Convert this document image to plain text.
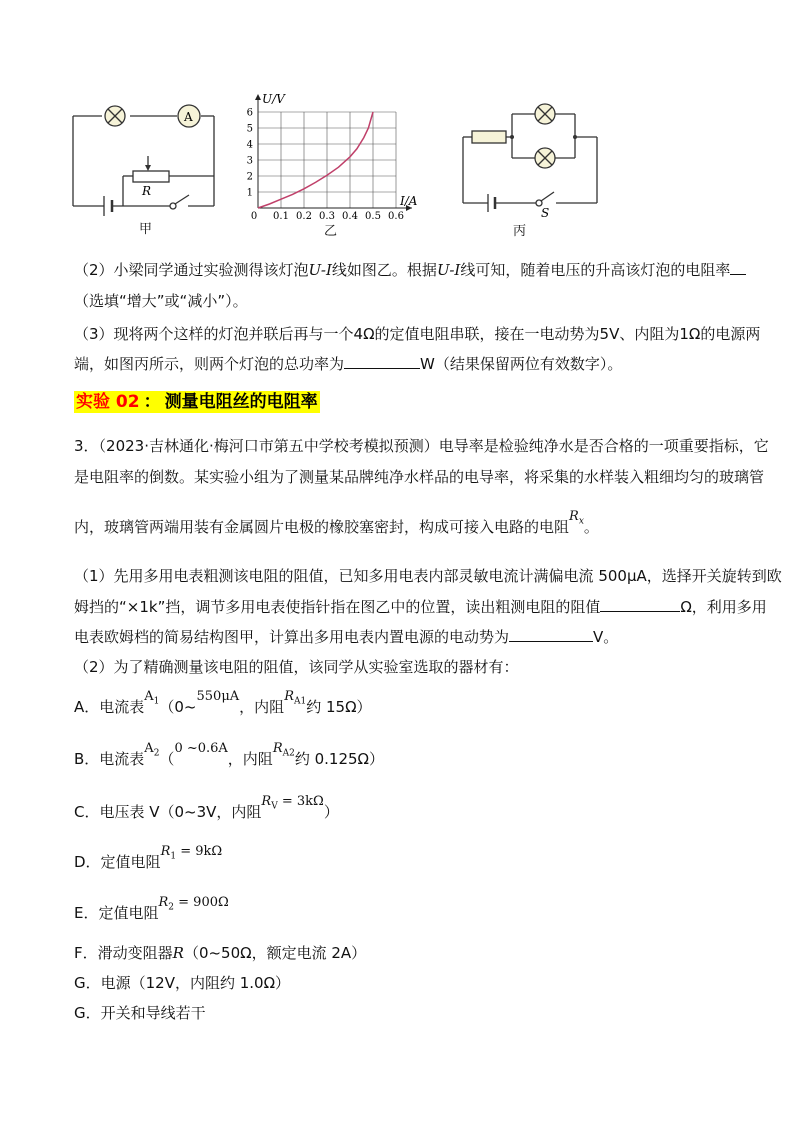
A
R
甲
0 0.1 0.2 0.3 0.4 0.5 0.6
1
2
3
4
5
6
U/V
I/A
乙
S
丙
（2）小梁同学通过实验测得该灯泡U-I线如图乙。根据U-I线可知，随着电压的升高该灯泡的电阻率
（选填“增大”或“减小”）。
（3）现将两个这样的灯泡并联后再与一个4Ω的定值电阻串联，接在一电动势为5V、内阻为1Ω的电源两
端，如图丙所示，则两个灯泡的总功率为	W（结果保留两位有效数字）。
实验 02 ： 测量电阻丝的电阻率
3．（2023·吉林通化·梅河口市第五中学校考模拟预测）电导率是检验纯净水是否合格的一项重要指标，它
是电阻率的倒数。某实验小组为了测量某品牌纯净水样品的电导率，将采集的水样装入粗细均匀的玻璃管
内，玻璃管两端用装有金属圆片电极的橡胶塞密封，构成可接入电路的电阻$R_x$。
（1）先用多用电表粗测该电阻的阻值，已知多用电表内部灵敏电流计满偏电流 500μA，选择开关旋转到欧
姆挡的“×1k”挡，调节多用电表使指针指在图乙中的位置，读出粗测电阻的阻值	Ω，利用多用
电表欧姆档的简易结构图甲，计算出多用电表内置电源的电动势为	V。
（2）为了精确测量该电阻的阻值，该同学从实验室选取的器材有：
A．电流表$A_1(0\sim 550\mu A$，内阻$R_{A1}$约 15Ω）
B．电流表$A_2(0$ ~0.6A，内阻$R_{A2}$约 0.125Ω）
C．电压表 V（0~3V，内阻$R_V = 3k\Omega$）
D．定值电阻$R_1 = 9k\Omega$
E．定值电阻$R_2 = 900\Omega$
F．滑动变阻器R（0~50Ω，额定电流 2A）
G．电源（12V，内阻约 1.0Ω）
G．开关和导线若干
